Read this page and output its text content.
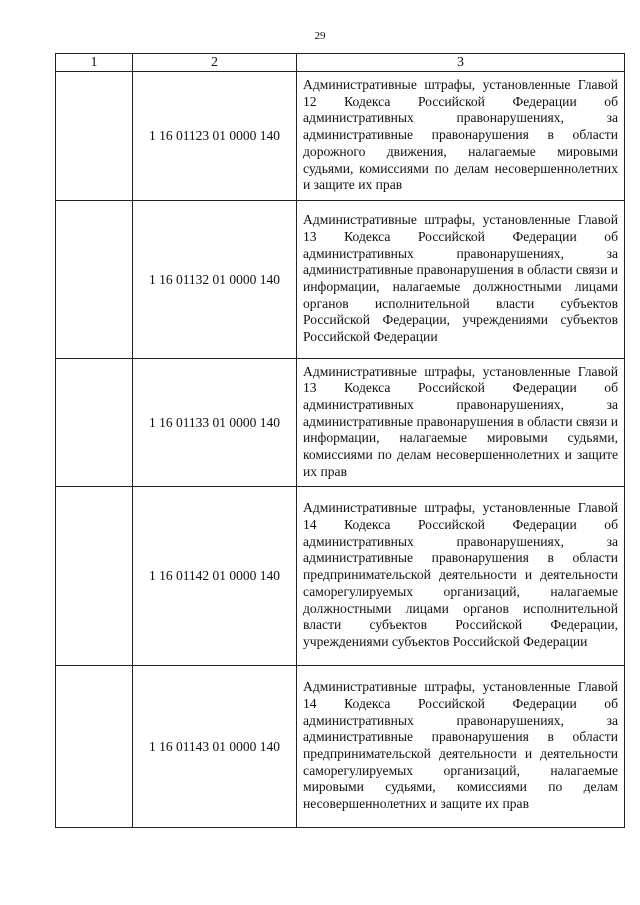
29
1	2	3
	1 16 01123 01 0000 140	Административные штрафы, установленные Главой 12 Кодекса Российской Федерации об административных правонарушениях, за административные правонарушения в области дорожного движения, налагаемые мировыми судьями, комиссиями по делам несовершеннолетних и защите их прав
	1 16 01132 01 0000 140	Административные штрафы, установленные Главой 13 Кодекса Российской Федерации об административных правонарушениях, за административные правонарушения в области связи и информации, налагаемые должностными лицами органов исполнительной власти субъектов Российской Федерации, учреждениями субъектов Российской Федерации
	1 16 01133 01 0000 140	Административные штрафы, установленные Главой 13 Кодекса Российской Федерации об административных правонарушениях, за административные правонарушения в области связи и информации, налагаемые мировыми судьями, комиссиями по делам несовершеннолетних и защите их прав
	1 16 01142 01 0000 140	Административные штрафы, установленные Главой 14 Кодекса Российской Федерации об административных правонарушениях, за административные правонарушения в области предпринимательской деятельности и деятельности саморегулируемых организаций, налагаемые должностными лицами органов исполнительной власти субъектов Российской Федерации, учреждениями субъектов Российской Федерации
	1 16 01143 01 0000 140	Административные штрафы, установленные Главой 14 Кодекса Российской Федерации об административных правонарушениях, за административные правонарушения в области предпринимательской деятельности и деятельности саморегулируемых организаций, налагаемые мировыми судьями, комиссиями по делам несовершеннолетних и защите их прав
